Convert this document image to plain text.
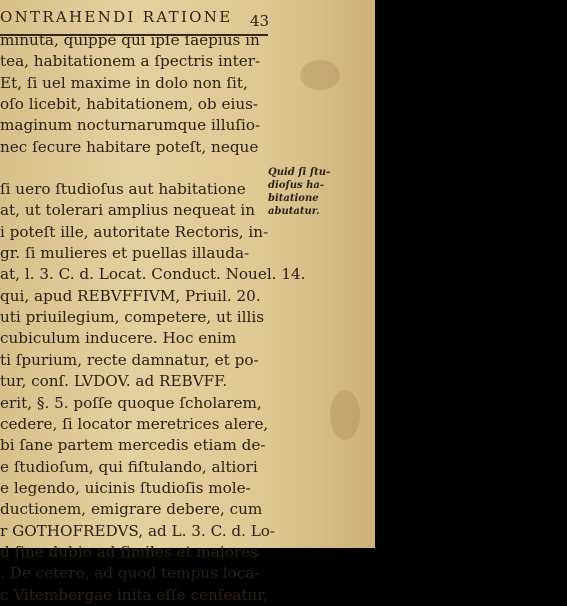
ONTRAHENDI RATIONE 43
minuta, quippe qui ipſe ſaepius in
tea, habitationem a ſpectris inter-
Et, ſi uel maxime in dolo non ſit,
oſo licebit, habitationem, ob eius-
maginum nocturnarumque illuſio-
nec ſecure habitare poteſt, neque
ſi uero ſtudioſus aut habitatione
at, ut tolerari amplius nequeat in
i poteſt ille, autoritate Rectoris, in-
gr. ſi mulieres et puellas illauda-
at, l. 3. C. d. Locat. Conduct. Nouel. 14.
qui, apud REBVFFIVM, Priuil. 20.
uti priuilegium, competere, ut illis
cubiculum inducere. Hoc enim
ti ſpurium, recte damnatur, et po-
tur, conſ. LVDOV. ad REBVFF.
erit, §. 5. poſſe quoque ſcholarem,
cedere, ſi locator meretrices alere,
bi ſane partem mercedis etiam de-
e ſtudioſum, qui fiſtulando, altiori
e legendo, uicinis ſtudioſis mole-
ductionem, emigrare debere, cum
r GOTHOFREDVS, ad L. 3. C. d. Lo-
d ſine dubio ad ſimiles et maiores
. De cetero, ad quod tempus loca-
c Vitembergae inita eſſe cenſeatur,
Quid ſi ſtu-
dioſus ha-
bitatione
abutatur.
